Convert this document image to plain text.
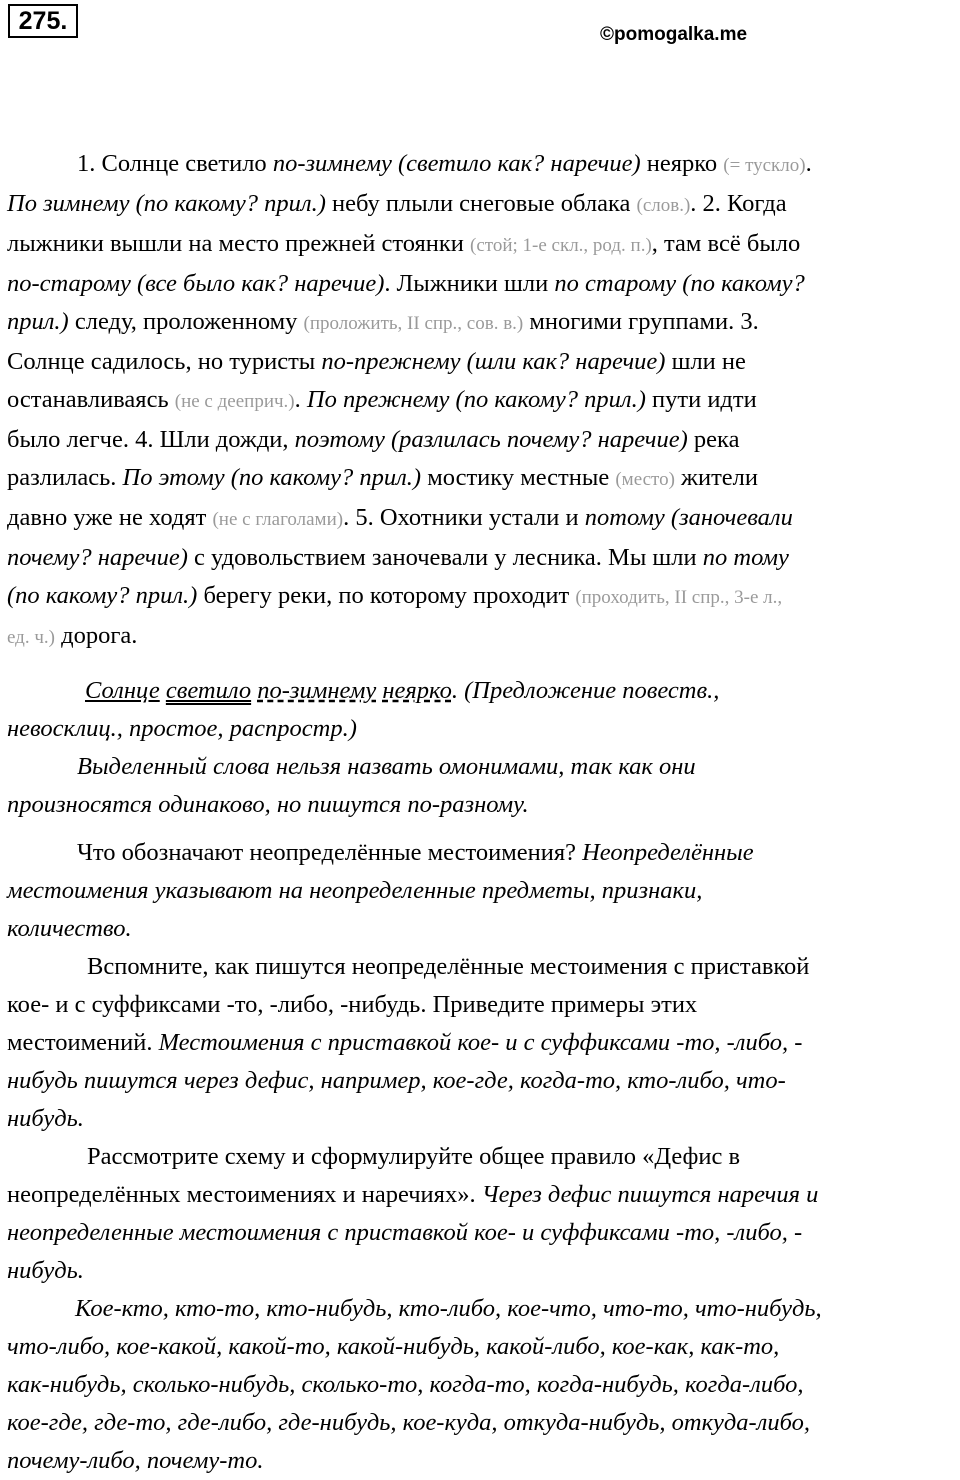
275.	©pomogalka.me
1. Солнце светило по-зимнему (светило как? наречие) неярко (= тускло).
По зимнему (по какому? прил.) небу плыли снеговые облака (слов.). 2. Когда
лыжники вышли на место прежней стоянки (стой; 1-е скл., род. п.), там всё было
по-старому (все было как? наречие). Лыжники шли по старому (по какому?
прил.) следу, проложенному (проложить, II спр., сов. в.) многими группами. 3.
Солнце садилось, но туристы по-прежнему (шли как? наречие) шли не
останавливаясь (не с дееприч.). По прежнему (по какому? прил.) пути идти
было легче. 4. Шли дожди, поэтому (разлилась почему? наречие) река
разлилась. По этому (по какому? прил.) мостику местные (место) жители
давно уже не ходят (не с глаголами). 5. Охотники устали и потому (заночевали
почему? наречие) с удовольствием заночевали у лесника. Мы шли по тому
(по какому? прил.) берегу реки, по которому проходит (проходить, II спр., 3-е л.,
ед. ч.) дорога.
Солнце светило по-зимнему неярко. (Предложение повеств.,
невосклиц., простое, распростр.)
Выделенный слова нельзя назвать омонимами, так как они
произносятся одинаково, но пишутся по-разному.
Что обозначают неопределённые местоимения? Неопределённые
местоимения указывают на неопределенные предметы, признаки,
количество.
Вспомните, как пишутся неопределённые местоимения с приставкой
кое- и с суффиксами -то, -либо, -нибудь. Приведите примеры этих
местоимений. Местоимения с приставкой кое- и с суффиксами -то, -либо, -
нибудь пишутся через дефис, например, кое-где, когда-то, кто-либо, что-
нибудь.
Рассмотрите схему и сформулируйте общее правило «Дефис в
неопределённых местоимениях и наречиях». Через дефис пишутся наречия и
неопределенные местоимения с приставкой кое- и суффиксами -то, -либо, -
нибудь.
Кое-кто, кто-то, кто-нибудь, кто-либо, кое-что, что-то, что-нибудь,
что-либо, кое-какой, какой-то, какой-нибудь, какой-либо, кое-как, как-то,
как-нибудь, сколько-нибудь, сколько-то, когда-то, когда-нибудь, когда-либо,
кое-где, где-то, где-либо, где-нибудь, кое-куда, откуда-нибудь, откуда-либо,
почему-либо, почему-то.
